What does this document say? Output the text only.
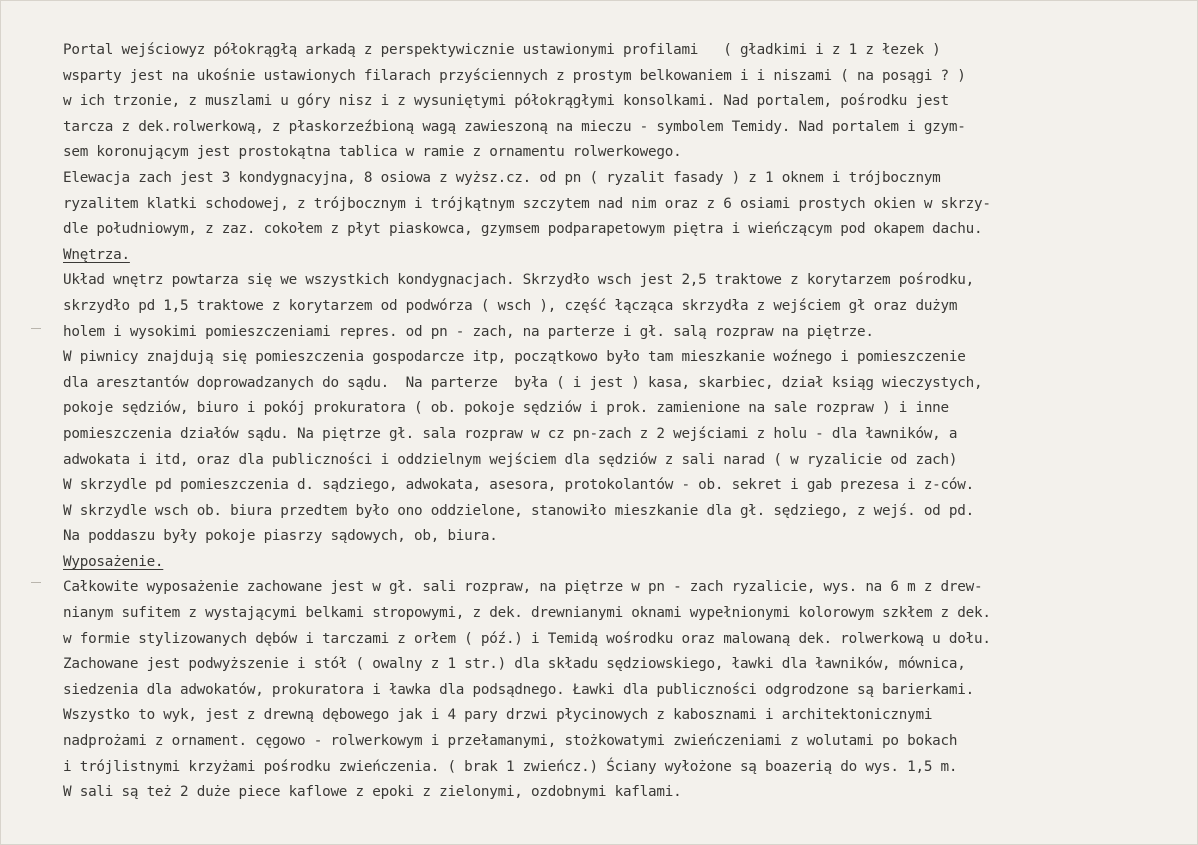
Portal wejściowyz półokrągłą arkadą z perspektywicznie ustawionymi profilami   ( gładkimi i z 1 z łezek )
wsparty jest na ukośnie ustawionych filarach przyściennych z prostym belkowaniem i i niszami ( na posągi ? )
w ich trzonie, z muszlami u góry nisz i z wysuniętymi półokrągłymi konsolkami. Nad portalem, pośrodku jest
tarcza z dek.rolwerkową, z płaskorzeźbioną wagą zawieszoną na mieczu - symbolem Temidy. Nad portalem i gzym-
sem koronującym jest prostokątna tablica w ramie z ornamentu rolwerkowego.
Elewacja zach jest 3 kondygnacyjna, 8 osiowa z wyższ.cz. od pn ( ryzalit fasady ) z 1 oknem i trójbocznym
ryzalitem klatki schodowej, z trójbocznym i trójkątnym szczytem nad nim oraz z 6 osiami prostych okien w skrzy-
dle południowym, z zaz. cokołem z płyt piaskowca, gzymsem podparapetowym piętra i wieńczącym pod okapem dachu.
Wnętrza.
Układ wnętrz powtarza się we wszystkich kondygnacjach. Skrzydło wsch jest 2,5 traktowe z korytarzem pośrodku,
skrzydło pd 1,5 traktowe z korytarzem od podwórza ( wsch ), część łącząca skrzydła z wejściem gł oraz dużym
holem i wysokimi pomieszczeniami repres. od pn - zach, na parterze i gł. salą rozpraw na piętrze.
W piwnicy znajdują się pomieszczenia gospodarcze itp, początkowo było tam mieszkanie woźnego i pomieszczenie
dla aresztantów doprowadzanych do sądu.  Na parterze  była ( i jest ) kasa, skarbiec, dział ksiąg wieczystych,
pokoje sędziów, biuro i pokój prokuratora ( ob. pokoje sędziów i prok. zamienione na sale rozpraw ) i inne
pomieszczenia działów sądu. Na piętrze gł. sala rozpraw w cz pn-zach z 2 wejściami z holu - dla ławników, a
adwokata i itd, oraz dla publiczności i oddzielnym wejściem dla sędziów z sali narad ( w ryzalicie od zach)
W skrzydle pd pomieszczenia d. sądziego, adwokata, asesora, protokolantów - ob. sekret i gab prezesa i z-ców.
W skrzydle wsch ob. biura przedtem było ono oddzielone, stanowiło mieszkanie dla gł. sędziego, z wejś. od pd.
Na poddaszu były pokoje piasrzy sądowych, ob, biura.
Wyposażenie.
Całkowite wyposażenie zachowane jest w gł. sali rozpraw, na piętrze w pn - zach ryzalicie, wys. na 6 m z drew-
nianym sufitem z wystającymi belkami stropowymi, z dek. drewnianymi oknami wypełnionymi kolorowym szkłem z dek.
w formie stylizowanych dębów i tarczami z orłem ( póź.) i Temidą wośrodku oraz malowaną dek. rolwerkową u dołu.
Zachowane jest podwyższenie i stół ( owalny z 1 str.) dla składu sędziowskiego, ławki dla ławników, mównica,
siedzenia dla adwokatów, prokuratora i ławka dla podsądnego. Ławki dla publiczności odgrodzone są barierkami.
Wszystko to wyk, jest z drewną dębowego jak i 4 pary drzwi płycinowych z kabosznami i architektonicznymi
nadprożami z ornament. cęgowo - rolwerkowym i przełamanymi, stożkowatymi zwieńczeniami z wolutami po bokach
i trójlistnymi krzyżami pośrodku zwieńczenia. ( brak 1 zwieńcz.) Ściany wyłożone są boazerią do wys. 1,5 m.
W sali są też 2 duże piece kaflowe z epoki z zielonymi, ozdobnymi kaflami.
